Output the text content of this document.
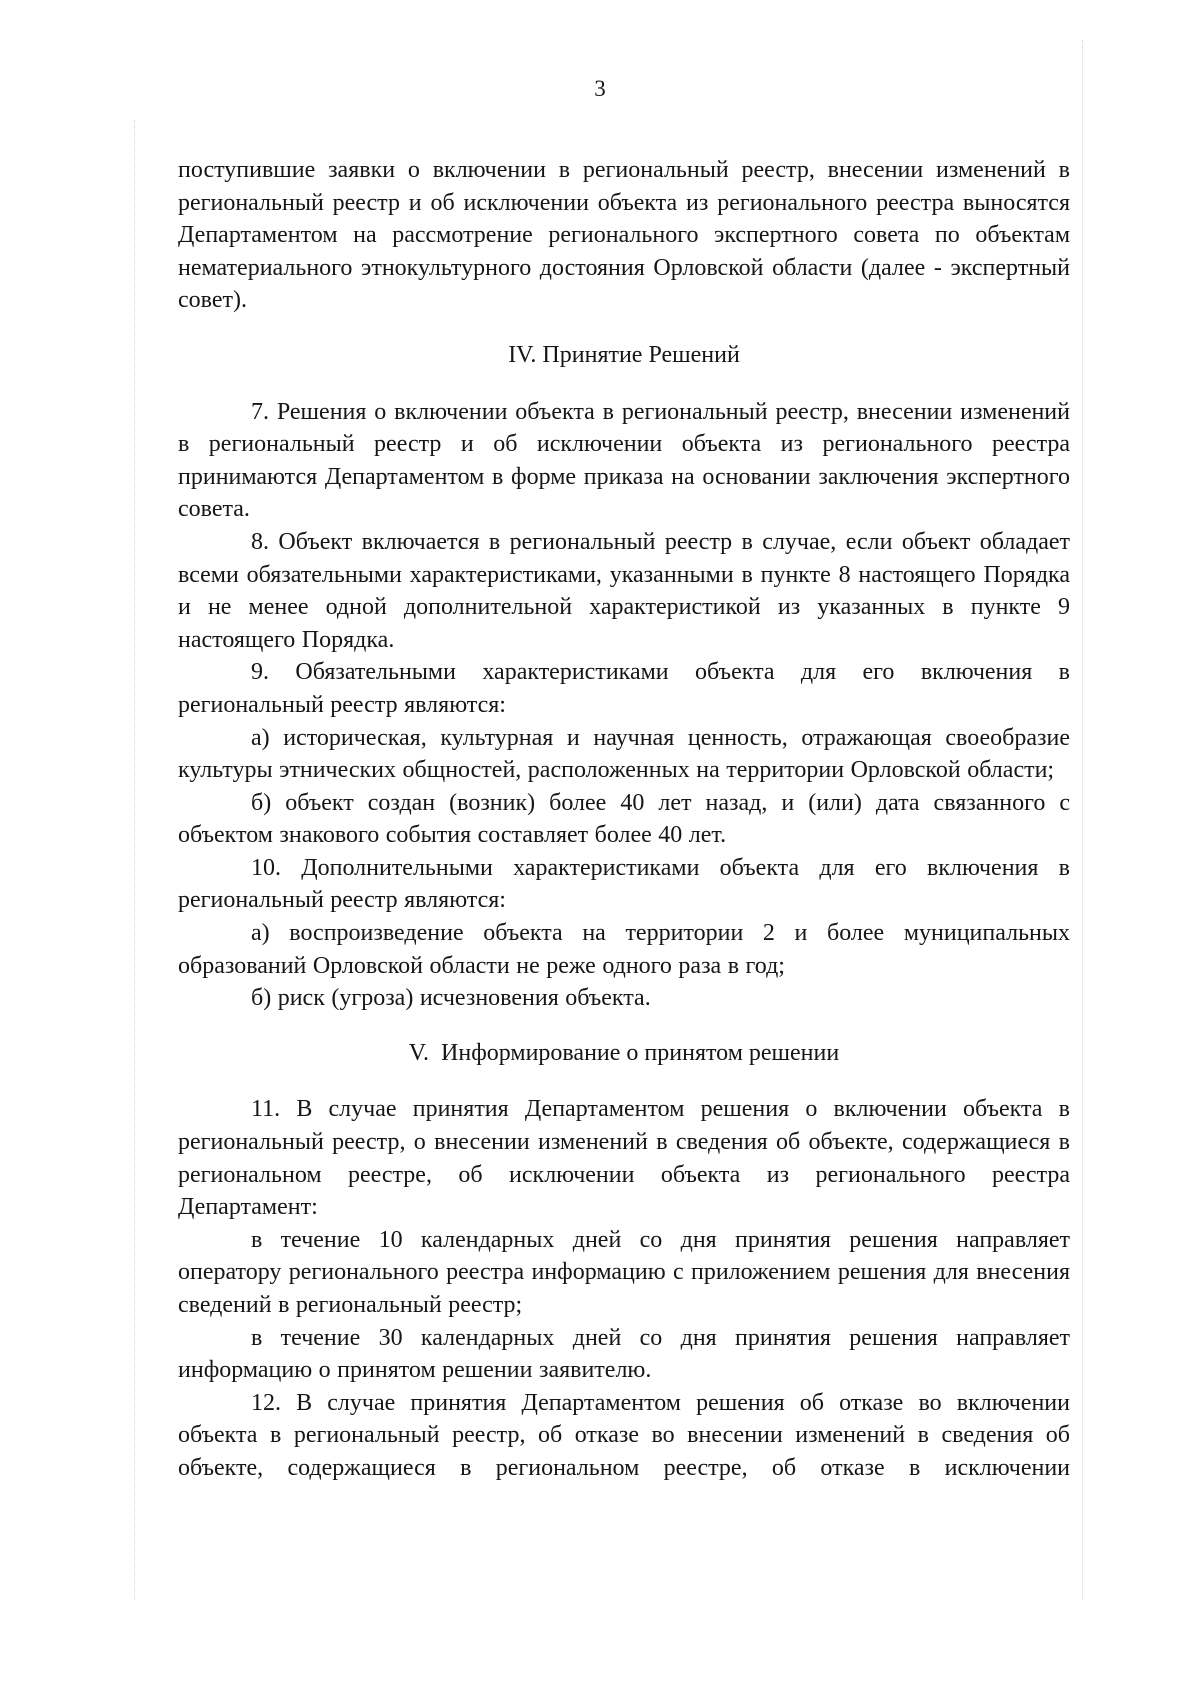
3

поступившие заявки о включении в региональный реестр, внесении изменений в региональный реестр и об исключении объекта из регионального реестра выносятся Департаментом на рассмотрение регионального экспертного совета по объектам нематериального этнокультурного достояния Орловской области (далее - экспертный совет).

IV. Принятие Решений

7. Решения о включении объекта в региональный реестр, внесении изменений в региональный реестр и об исключении объекта из регионального реестра принимаются Департаментом в форме приказа на основании заключения экспертного совета.

8. Объект включается в региональный реестр в случае, если объект обладает всеми обязательными характеристиками, указанными в пункте 8 настоящего Порядка и не менее одной дополнительной характеристикой из указанных в пункте 9 настоящего Порядка.

9. Обязательными характеристиками объекта для его включения в региональный реестр являются:

а) историческая, культурная и научная ценность, отражающая своеобразие культуры этнических общностей, расположенных на территории Орловской области;

б) объект создан (возник) более 40 лет назад, и (или) дата связанного с объектом знакового события составляет более 40 лет.

10. Дополнительными характеристиками объекта для его включения в региональный реестр являются:

а) воспроизведение объекта на территории 2 и более муниципальных образований Орловской области не реже одного раза в год;

б) риск (угроза) исчезновения объекта.

V.  Информирование о принятом решении

11. В случае принятия Департаментом решения о включении объекта в региональный реестр, о внесении изменений в сведения об объекте, содержащиеся в региональном реестре, об исключении объекта из регионального реестра Департамент:

в течение 10 календарных дней со дня принятия решения направляет оператору регионального реестра информацию с приложением решения для внесения сведений в региональный реестр;

в течение 30 календарных дней со дня принятия решения направляет информацию о принятом решении заявителю.

12. В случае принятия Департаментом решения об отказе во включении объекта в региональный реестр, об отказе во внесении изменений в сведения об объекте, содержащиеся в региональном реестре, об отказе в исключении
